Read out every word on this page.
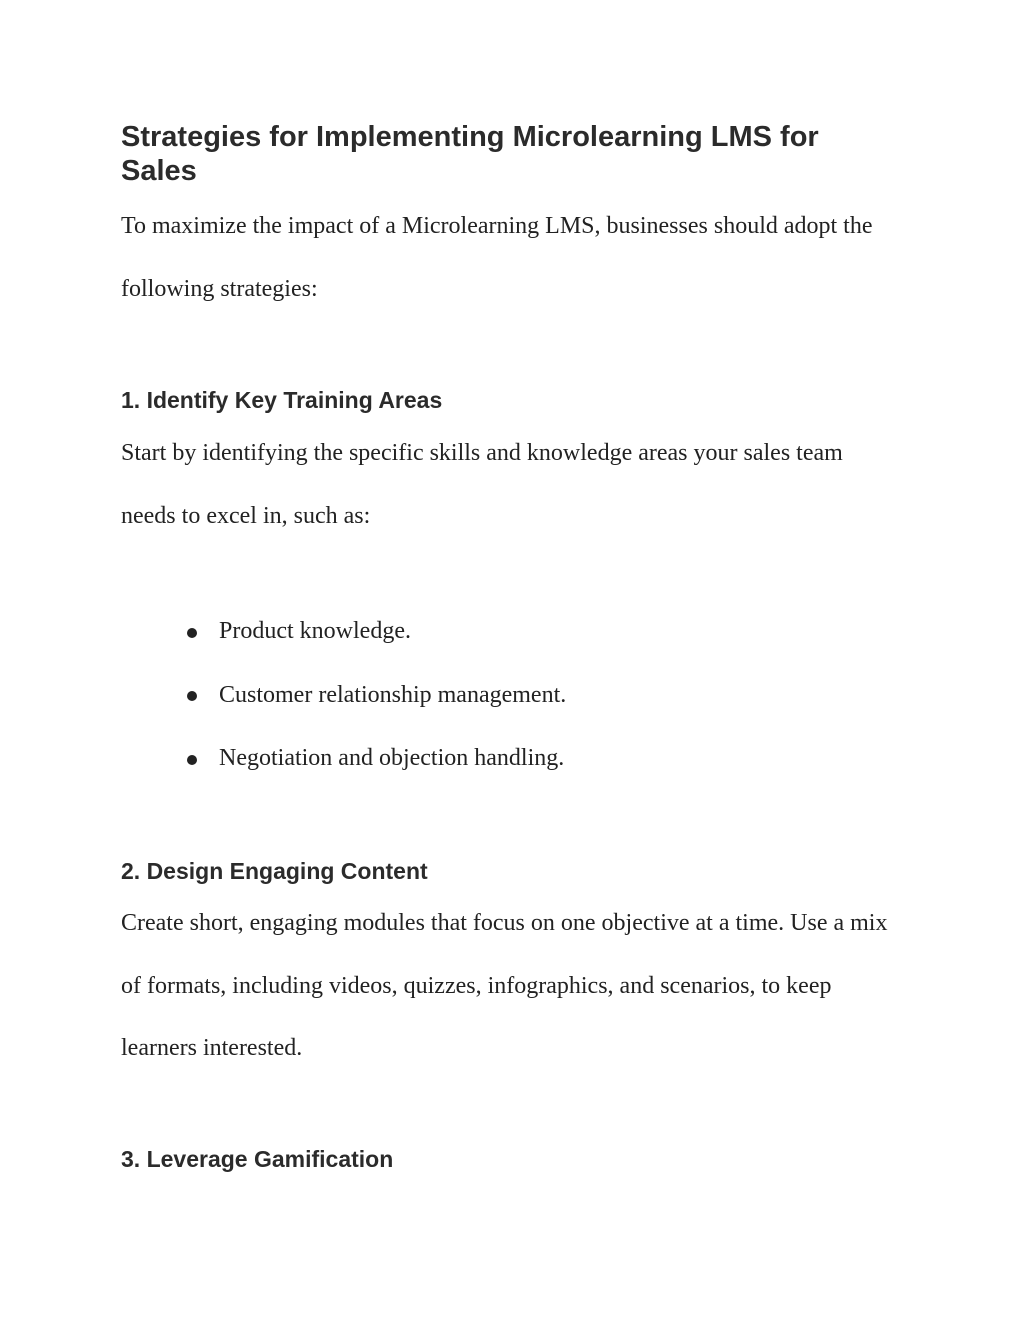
Strategies for Implementing Microlearning LMS for Sales

To maximize the impact of a Microlearning LMS, businesses should adopt the following strategies:

1. Identify Key Training Areas

Start by identifying the specific skills and knowledge areas your sales team needs to excel in, such as:

Product knowledge.
Customer relationship management.
Negotiation and objection handling.
2. Design Engaging Content

Create short, engaging modules that focus on one objective at a time. Use a mix of formats, including videos, quizzes, infographics, and scenarios, to keep learners interested.

3. Leverage Gamification
